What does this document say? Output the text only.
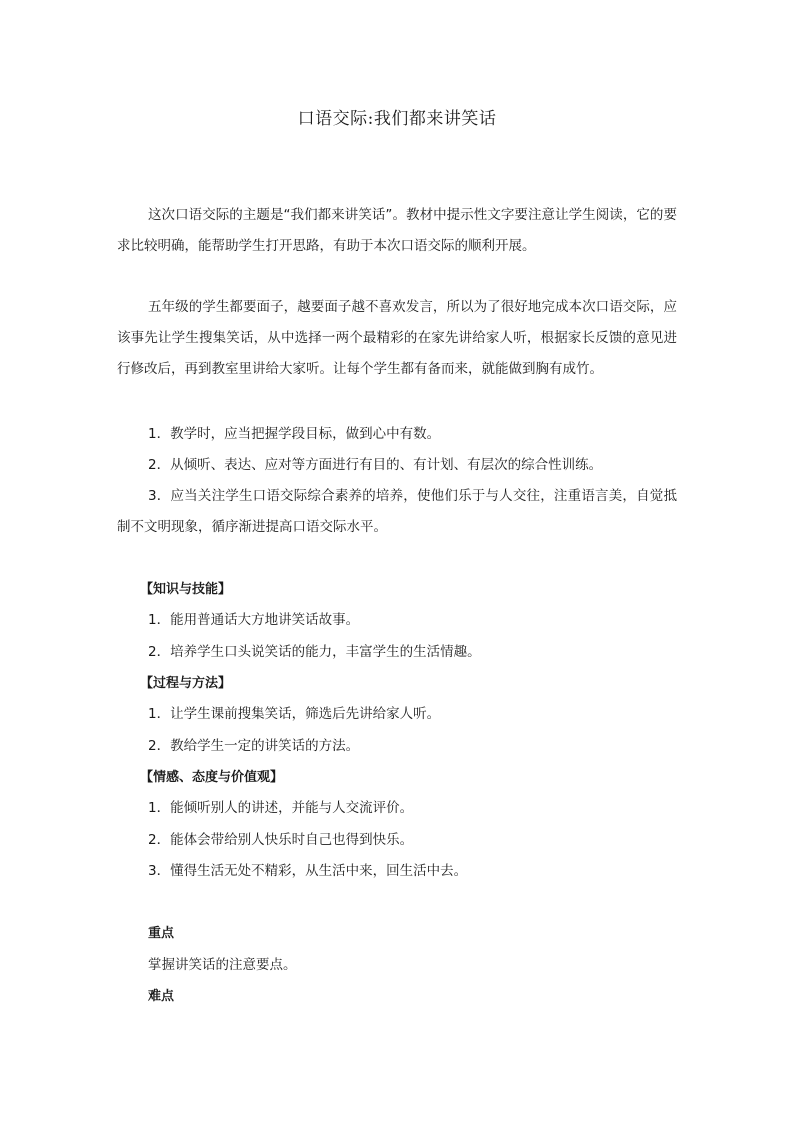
口语交际:我们都来讲笑话

这次口语交际的主题是“我们都来讲笑话”。教材中提示性文字要注意让学生阅读，它的要求比较明确，能帮助学生打开思路，有助于本次口语交际的顺利开展。

五年级的学生都要面子，越要面子越不喜欢发言，所以为了很好地完成本次口语交际，应该事先让学生搜集笑话，从中选择一两个最精彩的在家先讲给家人听，根据家长反馈的意见进行修改后，再到教室里讲给大家听。让每个学生都有备而来，就能做到胸有成竹。

1．教学时，应当把握学段目标，做到心中有数。

2．从倾听、表达、应对等方面进行有目的、有计划、有层次的综合性训练。

3．应当关注学生口语交际综合素养的培养，使他们乐于与人交往，注重语言美，自觉抵制不文明现象，循序渐进提高口语交际水平。

【知识与技能】
1．能用普通话大方地讲笑话故事。
2．培养学生口头说笑话的能力，丰富学生的生活情趣。
【过程与方法】
1．让学生课前搜集笑话，筛选后先讲给家人听。
2．教给学生一定的讲笑话的方法。
【情感、态度与价值观】
1．能倾听别人的讲述，并能与人交流评价。
2．能体会带给别人快乐时自己也得到快乐。
3．懂得生活无处不精彩，从生活中来，回生活中去。
重点
掌握讲笑话的注意要点。
难点
